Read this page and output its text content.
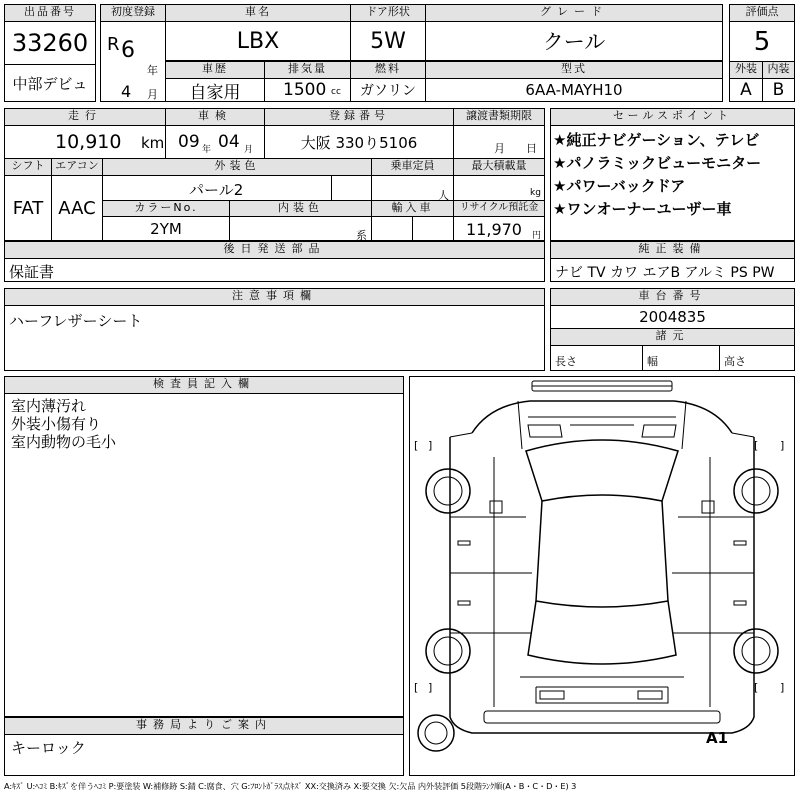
出品番号
33260
中部デビュ
初度登録
R 6
年
4 月
車名
LBX
ドア形状
5W
グレード
クール
車歴
自家用
排気量
1500 cc
燃料
ガソリン
型式
6AA-MAYH10
評価点
5
外装 内装
A	B
走行
10,910 km
車検
09 年 04 月
登録番号
大阪 330り5106
譲渡書類期限
月 日
シフト
FAT
エアコン
AAC
外装色
パール2
カラーNo.
2YM
内装色
系
乗車定員
人
最大積載量
kg
輸入車	リサイクル預託金
11,970 円
セールスポイント
★純正ナビゲーション、テレビ
★パノラミックビューモニター
★パワーバックドア
★ワンオーナーユーザー車
後日発送部品
保証書
純正装備
ナビ TV カワ エアB アルミ PS PW
注意事項欄
ハーフレザーシート
車台番号
2004835
諸元
長さ	幅	高さ
検査員記入欄
室内薄汚れ
外装小傷有り
室内動物の毛小
事務局よりご案内
キーロック
[ ]	[ ]
[ ]	[ ]
A1
A:ｷｽﾞ U:ﾍｺﾐ B:ｷｽﾞを伴うﾍｺﾐ P:要塗装 W:補修跡 S:錆 C:腐食、穴 G:ﾌﾛﾝﾄｶﾞﾗｽ点ｷｽﾞ XX:交換済み X:要交換 欠:欠品 内外装評価 5段階ﾗﾝｸ順(A・B・C・D・E) 3
